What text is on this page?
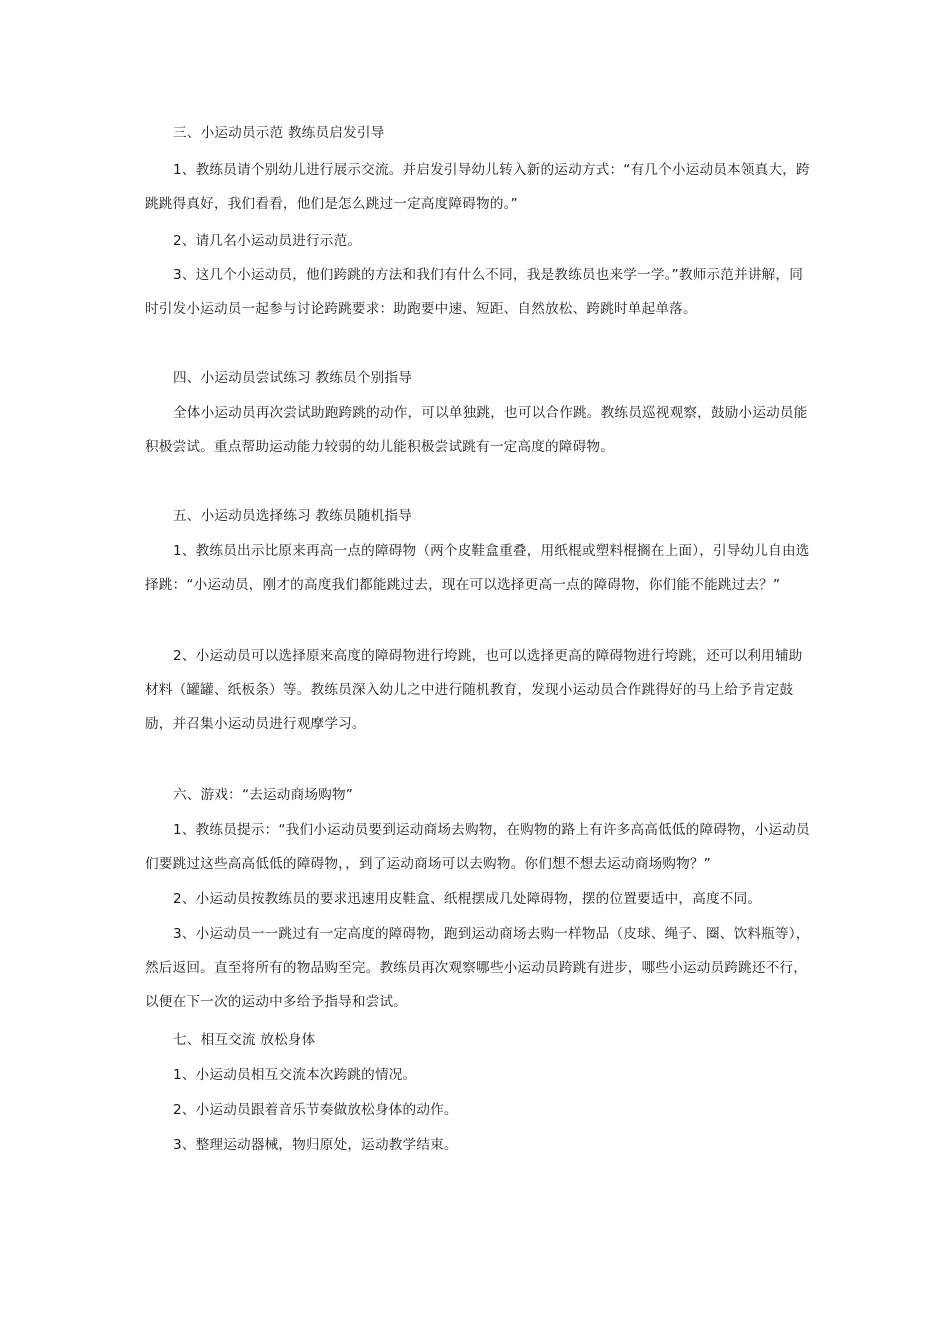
三、小运动员示范 教练员启发引导

1、教练员请个别幼儿进行展示交流。并启发引导幼儿转入新的运动方式：“有几个小运动员本领真大，跨跳跳得真好，我们看看，他们是怎么跳过一定高度障碍物的。”

2、请几名小运动员进行示范。

3、这几个小运动员，他们跨跳的方法和我们有什么不同，我是教练员也来学一学。”教师示范并讲解，同时引发小运动员一起参与讨论跨跳要求：助跑要中速、短距、自然放松、跨跳时单起单落。

四、小运动员尝试练习 教练员个别指导

全体小运动员再次尝试助跑跨跳的动作，可以单独跳，也可以合作跳。教练员巡视观察，鼓励小运动员能积极尝试。重点帮助运动能力较弱的幼儿能积极尝试跳有一定高度的障碍物。

五、小运动员选择练习 教练员随机指导

1、教练员出示比原来再高一点的障碍物（两个皮鞋盒重叠，用纸棍或塑料棍搁在上面），引导幼儿自由选择跳：“小运动员，刚才的高度我们都能跳过去，现在可以选择更高一点的障碍物，你们能不能跳过去？”

2、小运动员可以选择原来高度的障碍物进行垮跳，也可以选择更高的障碍物进行垮跳，还可以利用辅助材料（罐罐、纸板条）等。教练员深入幼儿之中进行随机教育，发现小运动员合作跳得好的马上给予肯定鼓励，并召集小运动员进行观摩学习。

六、游戏：“去运动商场购物”

1、教练员提示：“我们小运动员要到运动商场去购物，在购物的路上有许多高高低低的障碍物，小运动员们要跳过这些高高低低的障碍物，，到了运动商场可以去购物。你们想不想去运动商场购物？”

2、小运动员按教练员的要求迅速用皮鞋盒、纸棍摆成几处障碍物，摆的位置要适中，高度不同。

3、小运动员一一跳过有一定高度的障碍物，跑到运动商场去购一样物品（皮球、绳子、圈、饮料瓶等），然后返回。直至将所有的物品购至完。教练员再次观察哪些小运动员跨跳有进步，哪些小运动员跨跳还不行，以便在下一次的运动中多给予指导和尝试。

七、相互交流 放松身体

1、小运动员相互交流本次跨跳的情况。

2、小运动员跟着音乐节奏做放松身体的动作。

3、整理运动器械，物归原处，运动教学结束。
